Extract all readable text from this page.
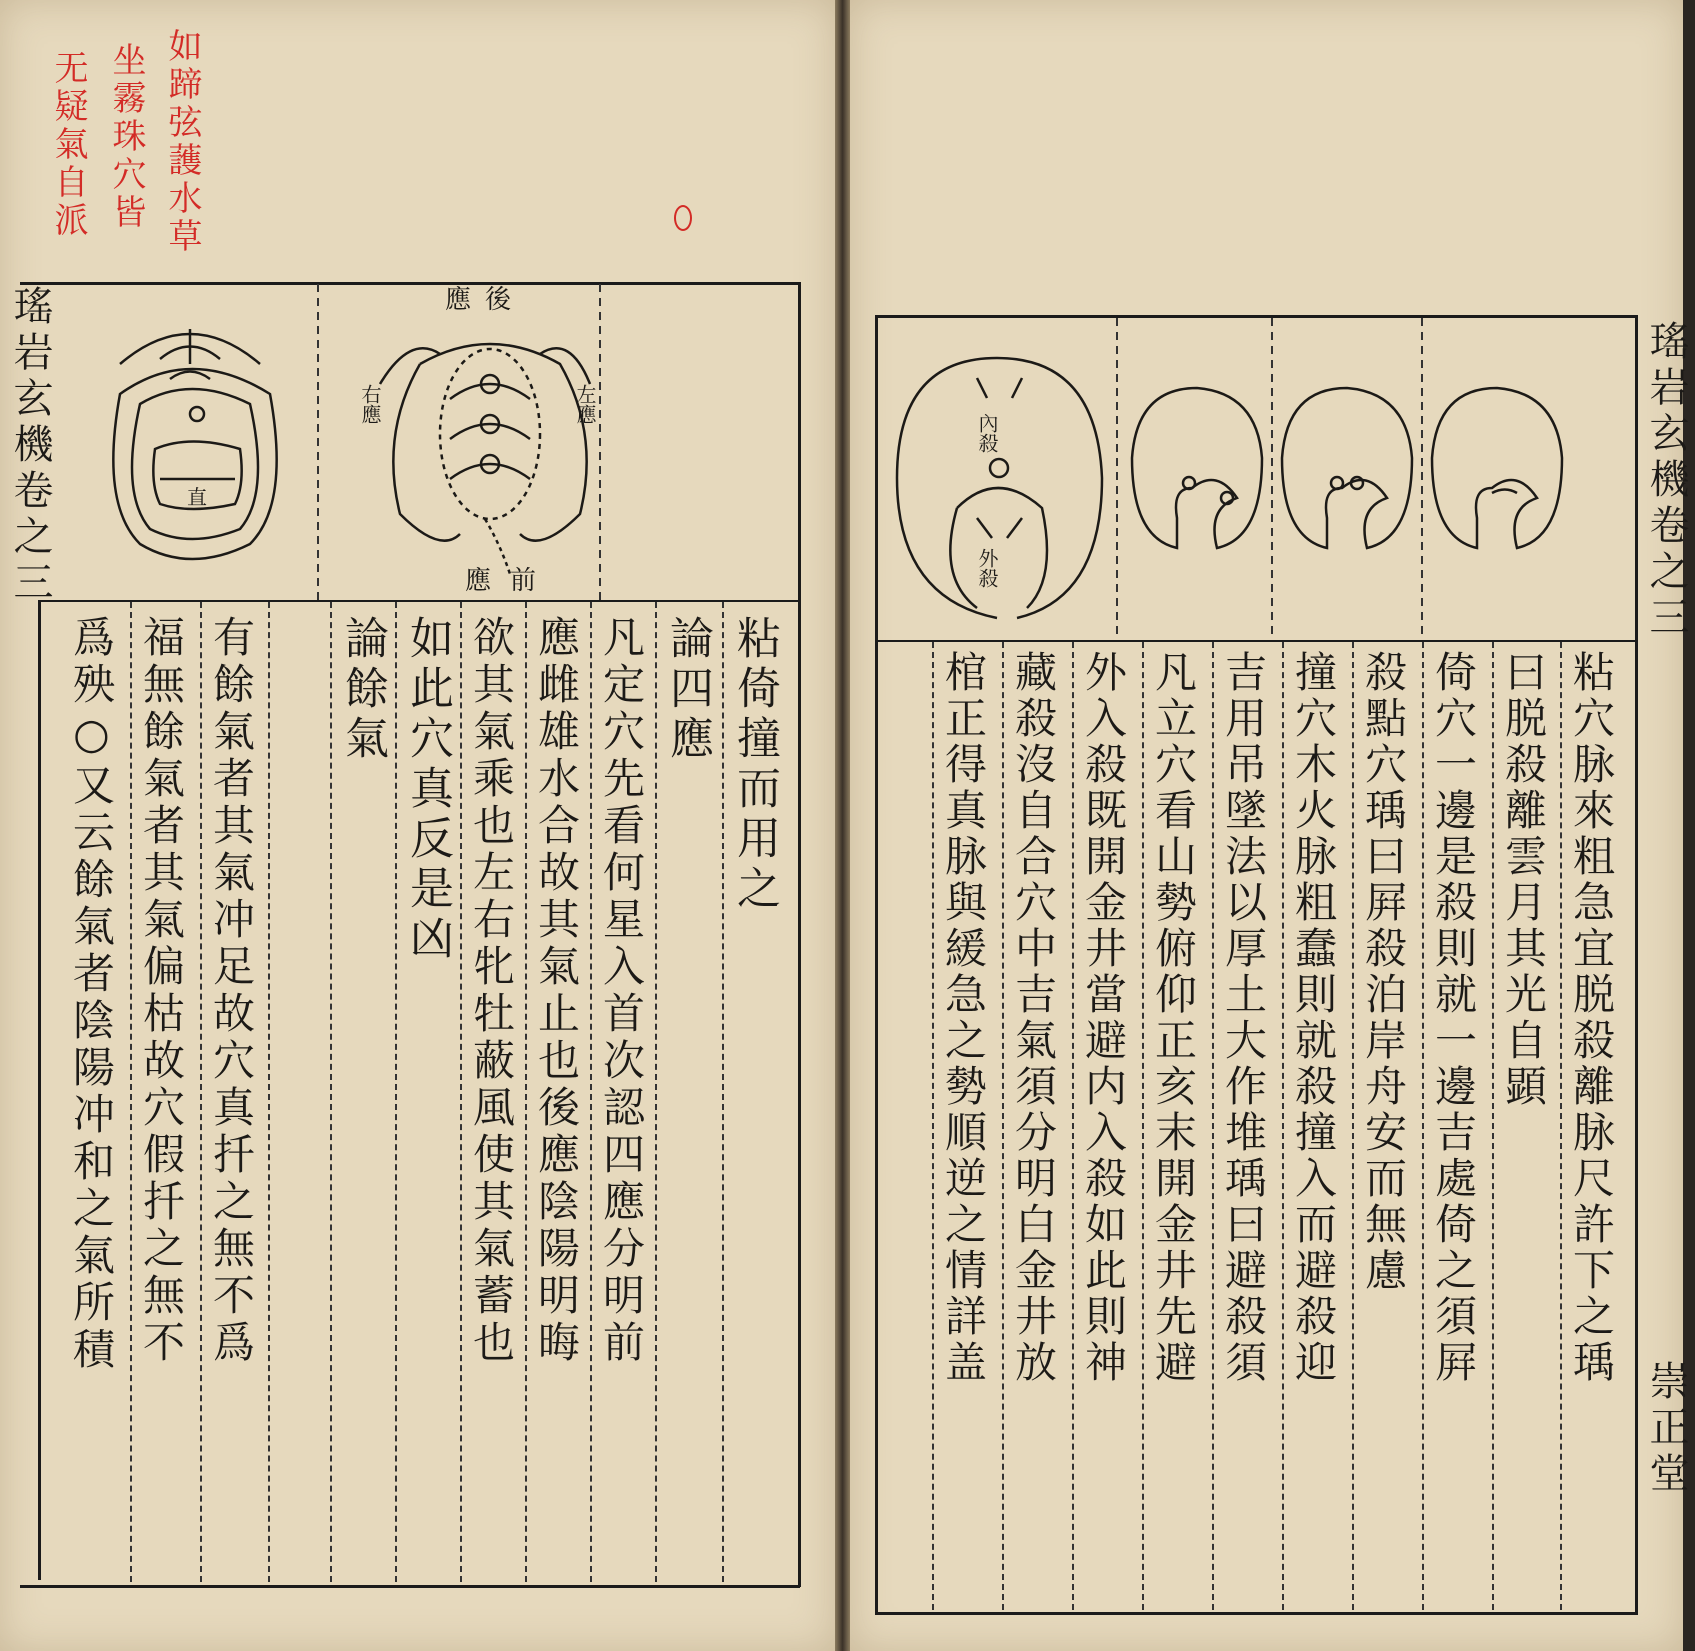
如蹄弦䕶水草
坐霧珠穴皆
无疑氣自派
瑤岩玄機卷之三	直
後
應
右應	左應
前
應
粘倚撞而用之
論四應
凡定穴先看何星入首次認四應分明前
應雌雄水合故其氣止也後應陰陽明晦
欲其氣乘也左右牝牡蔽風使其氣蓄也
如此穴真反是凶
論餘氣
有餘氣者其氣冲足故穴真扦之無不爲
福無餘氣者其氣偏枯故穴假扦之無不
爲殃○又云餘氣者陰陽冲和之氣所積
瑤岩玄機卷之三
崇正堂
內殺
外殺
粘穴脉來粗急宜脱殺離脉尺許下之瑀
曰脱殺離雲月其光自顕
倚穴一邊是殺則就一邊吉處倚之須屛
殺點穴瑀曰屛殺泊岸舟安而無慮
撞穴木火脉粗蠢則就殺撞入而避殺迎
吉用吊墜法以厚土大作堆瑀曰避殺須
凡立穴看山勢俯仰正亥末開金井先避
外入殺既開金井當避内入殺如此則神
藏殺沒自合穴中吉氣須分明白金井放
棺正得真脉與緩急之勢順逆之情詳盖
